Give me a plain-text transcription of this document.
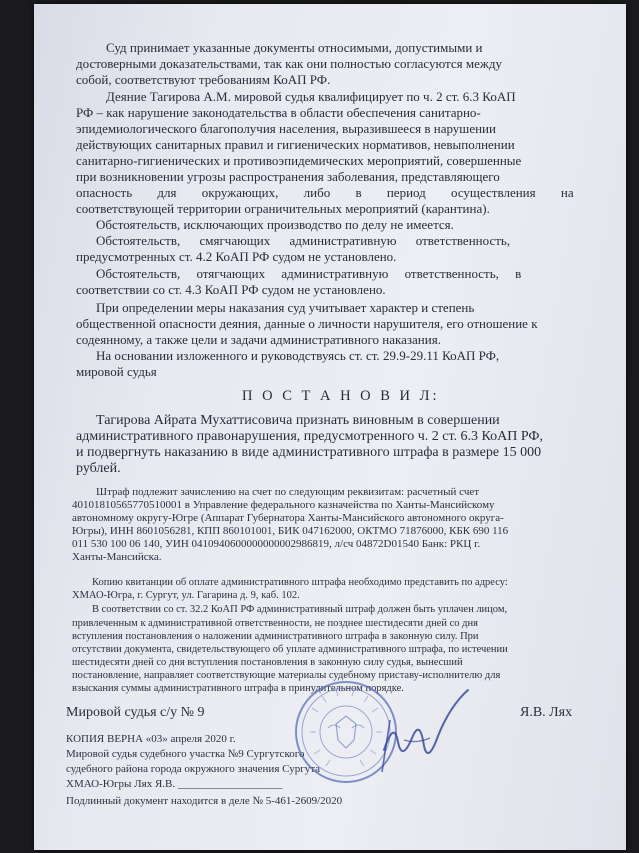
Суд принимает указанные документы относимыми, допустимыми и
достоверными доказательствами, так как они полностью согласуются между
собой, соответствуют требованиям КоАП РФ.
Деяние Тагирова А.М. мировой судья квалифицирует по ч. 2 ст. 6.3 КоАП
РФ – как нарушение законодательства в области обеспечения санитарно-
эпидемиологического благополучия населения, выразившееся в нарушении
действующих санитарных правил и гигиенических нормативов, невыполнении
санитарно-гигиенических и противоэпидемических мероприятий, совершенные
при возникновении угрозы распространения заболевания, представляющего
опасность для окружающих, либо в период осуществления на
соответствующей территории ограничительных мероприятий (карантина).
Обстоятельств, исключающих производство по делу не имеется.
Обстоятельств, смягчающих административную ответственность,
предусмотренных ст. 4.2 КоАП РФ судом не установлено.
Обстоятельств, отягчающих административную ответственность, в
соответствии со ст. 4.3 КоАП РФ судом не установлено.
При определении меры наказания суд учитывает характер и степень
общественной опасности деяния, данные о личности нарушителя, его отношение к
содеянному, а также цели и задачи административного наказания.
На основании изложенного и руководствуясь ст. ст. 29.9-29.11 КоАП РФ,
мировой судья
П О С Т А Н О В И Л:
Тагирова Айрата Мухаттисовича признать виновным в совершении
административного правонарушения, предусмотренного ч. 2 ст. 6.3 КоАП РФ,
и подвергнуть наказанию в виде административного штрафа в размере 15 000
рублей.
Штраф подлежит зачислению на счет по следующим реквизитам: расчетный счет
40101810565770510001 в Управление федерального казначейства по Ханты-Мансийскому
автономному округу-Югре (Аппарат Губернатора Ханты-Мансийского автономного округа-
Югры), ИНН 8601056281, КПП 860101001, БИК 047162000, ОКТМО 71876000, КБК 690 116
011 530 100 06 140, УИН 0410940600000000002986819, л/сч 04872D01540 Банк: РКЦ г.
Ханты-Мансийска.
Копию квитанции об оплате административного штрафа необходимо представить по адресу:
ХМАО-Югра, г. Сургут, ул. Гагарина д. 9, каб. 102.
В соответствии со ст. 32.2 КоАП РФ административный штраф должен быть уплачен лицом,
привлеченным к административной ответственности, не позднее шестидесяти дней со дня
вступления постановления о наложении административного штрафа в законную силу. При
отсутствии документа, свидетельствующего об уплате административного штрафа, по истечении
шестидесяти дней со дня вступления постановления в законную силу судья, вынесший
постановление, направляет соответствующие материалы судебному приставу-исполнителю для
взыскания суммы административного штрафа в принудительном порядке.
Мировой судья с/у № 9	Я.В. Лях
КОПИЯ ВЕРНА «03» апреля 2020 г.
Мировой судья судебного участка №9 Сургутского
судебного района города окружного значения Сургута
ХМАО-Югры Лях Я.В. ___________________
Подлинный документ находится в деле № 5-461-2609/2020
